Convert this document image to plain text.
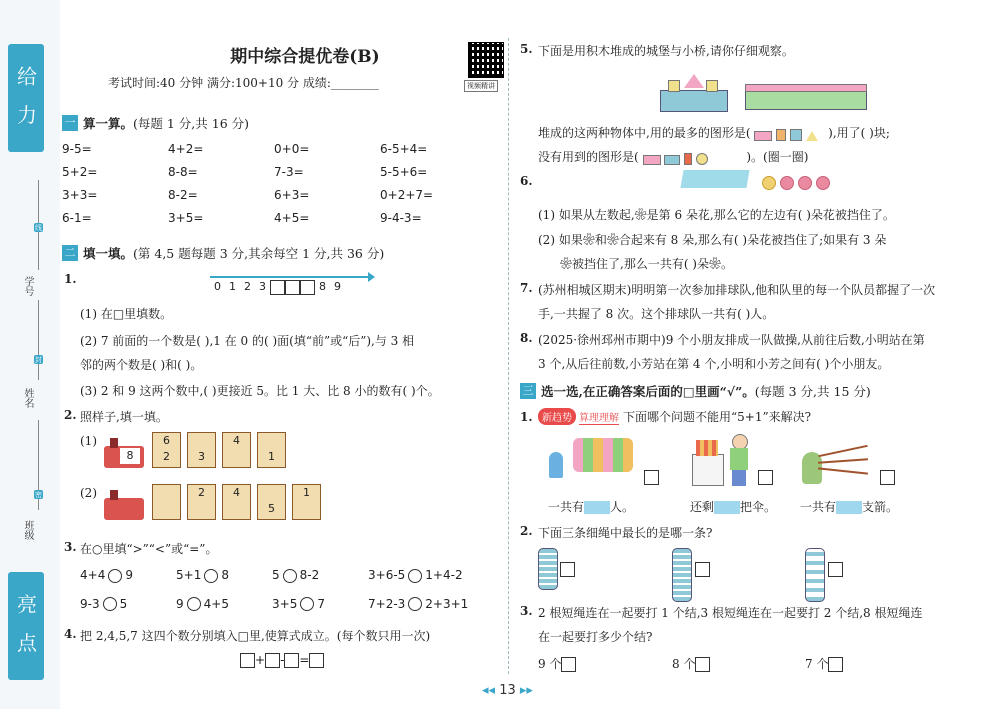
给 力
亮 点
学号
姓名
班级
线
封
密
期中综合提优卷(B)
考试时间:40 分钟 满分:100+10 分 成绩:________	视频精讲
一 算一算。 (每题 1 分,共 16 分)
9-5=	4+2=	0+0=	6-5+4=
5+2=	8-8=	7-3=	5-5+6=
3+3=	8-2=	6+3=	0+2+7=
6-1=	3+5=	4+5=	9-4-3=
二 填一填。 (第 4,5 题每题 3 分,其余每空 1 分,共 36 分)
1.
0 1 2 3	8 9
(1) 在□里填数。
(2) 7 前面的一个数是( ),1 在 0 的( )面(填“前”或“后”),与 3 相
邻的两个数是( )和( )。
(3) 2 和 9 这两个数中,( )更接近 5。比 1 大、比 8 小的数有( )个。
2. 照样子,填一填。
(1)
8
6
2	3
4
1
(2)	2	4
5
1
3. 在○里填“>”“<”或“=”。
4+4 9	5+1 8	5 8-2	3+6-5 1+4-2
9-3 5	9 4+5	3+5 7	7+2-3 2+3+1
4. 把 2,4,5,7 这四个数分别填入□里,使算式成立。(每个数只用一次)
+ - =
5. 下面是用积木堆成的城堡与小桥,请你仔细观察。
堆成的这两种物体中,用的最多的图形是(	),用了( )块;
没有用到的图形是(	)。(圈一圈)
6.
(1) 如果从左数起,❀是第 6 朵花,那么它的左边有( )朵花被挡住了。
(2) 如果❀和❀合起来有 8 朵,那么有( )朵花被挡住了;如果有 3 朵
❀被挡住了,那么一共有( )朵❀。
7. (苏州相城区期末)明明第一次参加排球队,他和队里的每一个队员都握了一次
手,一共握了 8 次。这个排球队一共有( )人。
8. (2025·徐州邳州市期中)9 个小朋友排成一队做操,从前往后数,小明站在第
3 个,从后往前数,小芳站在第 4 个,小明和小芳之间有( )个小朋友。
三 选一选,在正确答案后面的□里画“√”。 (每题 3 分,共 15 分)
1. 新趋势 算理理解 下面哪个问题不能用“5+1”来解决?
一共有 人。	还剩 把伞。 一共有 支箭。
2. 下面三条细绳中最长的是哪一条?
3. 2 根短绳连在一起要打 1 个结,3 根短绳连在一起要打 2 个结,8 根短绳连
在一起要打多少个结?
9 个	8 个	7 个
◂◂ 13 ▸▸
